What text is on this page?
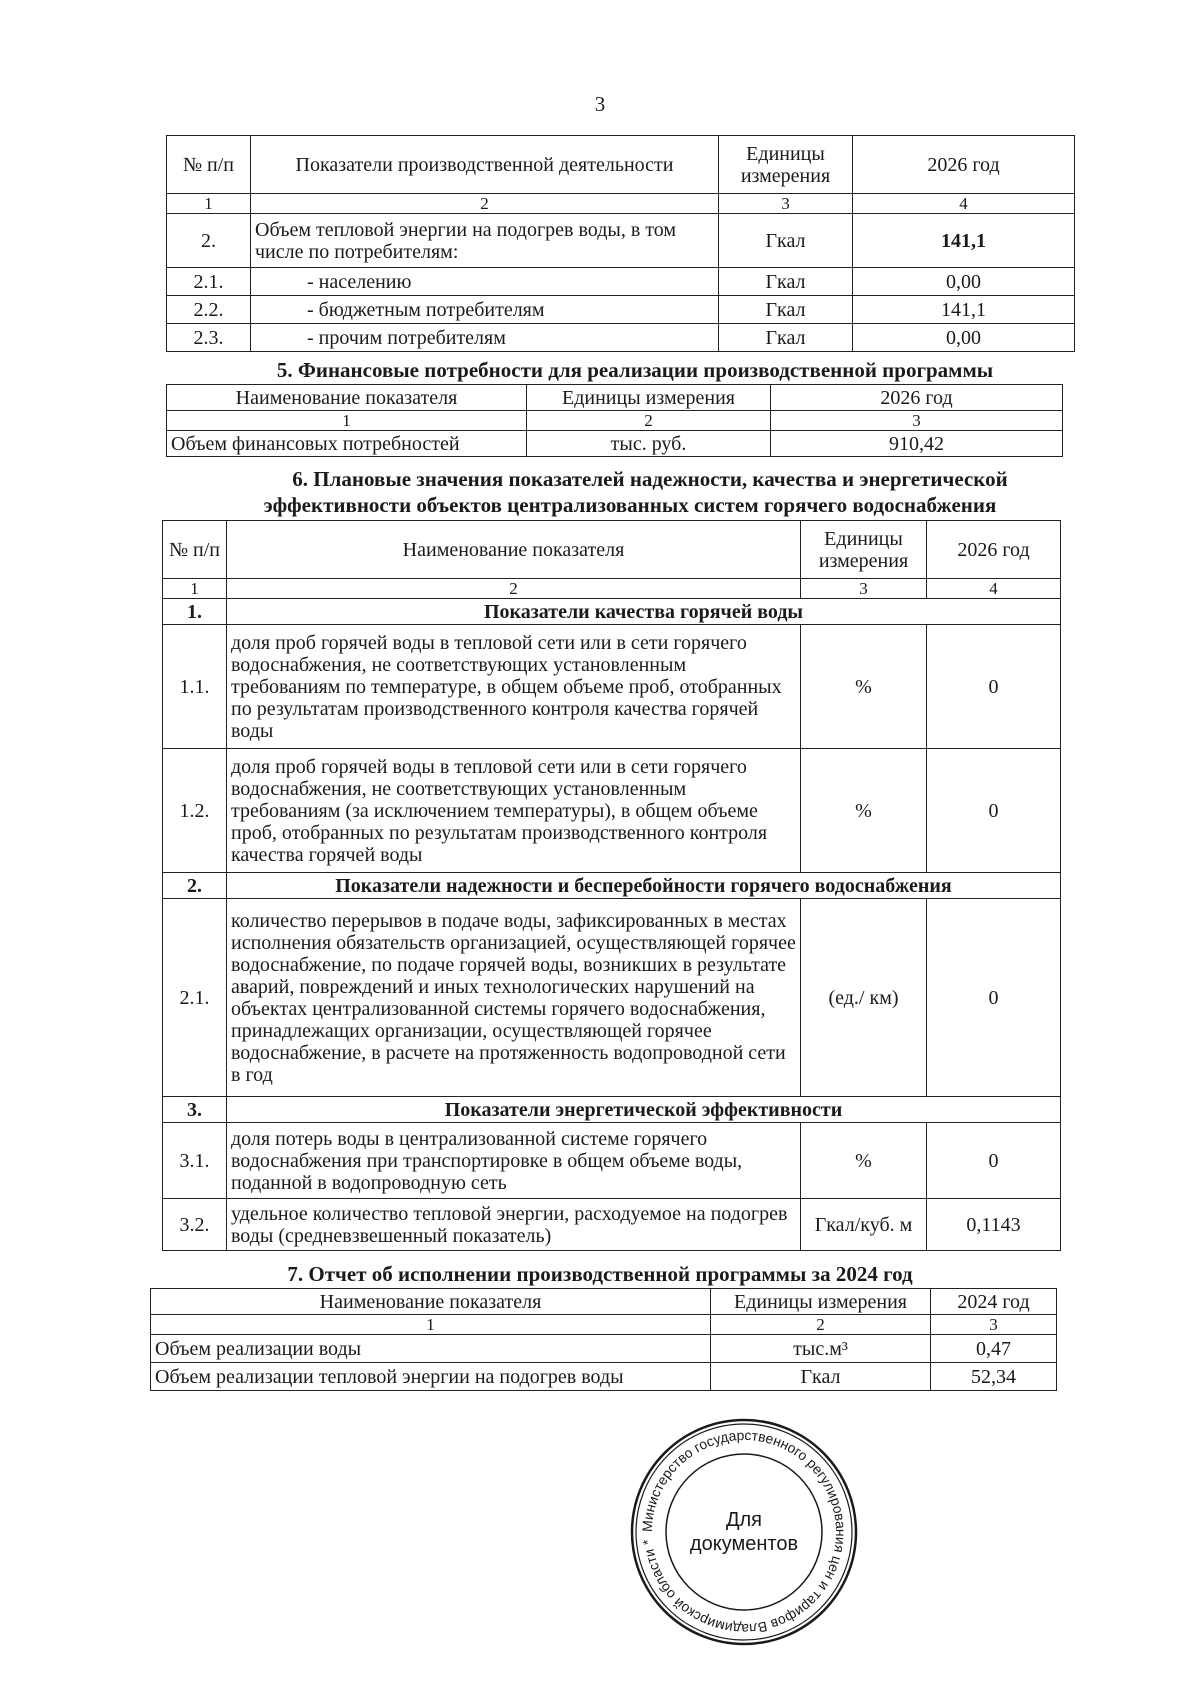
3
№ п/п	Показатели производственной деятельности	Единицы измерения	2026 год
1	2	3	4
2.	Объем тепловой энергии на подогрев воды, в том числе по потребителям:	Гкал	141,1
2.1.	- населению	Гкал	0,00
2.2.	- бюджетным потребителям	Гкал	141,1
2.3.	- прочим потребителям	Гкал	0,00
5. Финансовые потребности для реализации производственной программы
Наименование показателя	Единицы измерения	2026 год
1	2	3
Объем финансовых потребностей	тыс. руб.	910,42
6. Плановые значения показателей надежности, качества и энергетической
эффективности объектов централизованных систем горячего водоснабжения
№ п/п	Наименование показателя	Единицы измерения	2026 год
1	2	3	4
1.	Показатели качества горячей воды		
1.1.	доля проб горячей воды в тепловой сети или в сети горячего водоснабжения, не соответствующих установленным требованиям по температуре, в общем объеме проб, отобранных по результатам производственного контроля качества горячей воды	%	0
1.2.	доля проб горячей воды в тепловой сети или в сети горячего водоснабжения, не соответствующих установленным требованиям (за исключением температуры), в общем объеме проб, отобранных по результатам производственного контроля качества горячей воды	%	0
2.	Показатели надежности и бесперебойности горячего водоснабжения		
2.1.	количество перерывов в подаче воды, зафиксированных в местах исполнения обязательств организацией, осуществляющей горячее водоснабжение, по подаче горячей воды, возникших в результате аварий, повреждений и иных технологических нарушений на объектах централизованной системы горячего водоснабжения, принадлежащих организации, осуществляющей горячее водоснабжение, в расчете на протяженность водопроводной сети в год	(ед./ км)	0
3.	Показатели энергетической эффективности		
3.1.	доля потерь воды в централизованной системе горячего водоснабжения при транспортировке в общем объеме воды, поданной в водопроводную сеть	%	0
3.2.	удельное количество тепловой энергии, расходуемое на подогрев воды (средневзвешенный показатель)	Гкал/куб. м	0,1143
7. Отчет об исполнении производственной программы за 2024 год
Наименование показателя	Единицы измерения	2024 год
1	2	3
Объем реализации воды	тыс.м³	0,47
Объем реализации тепловой энергии на подогрев воды	Гкал	52,34
Министерство государственного регулирования цен и тарифов Владимирской области *
Для
документов
